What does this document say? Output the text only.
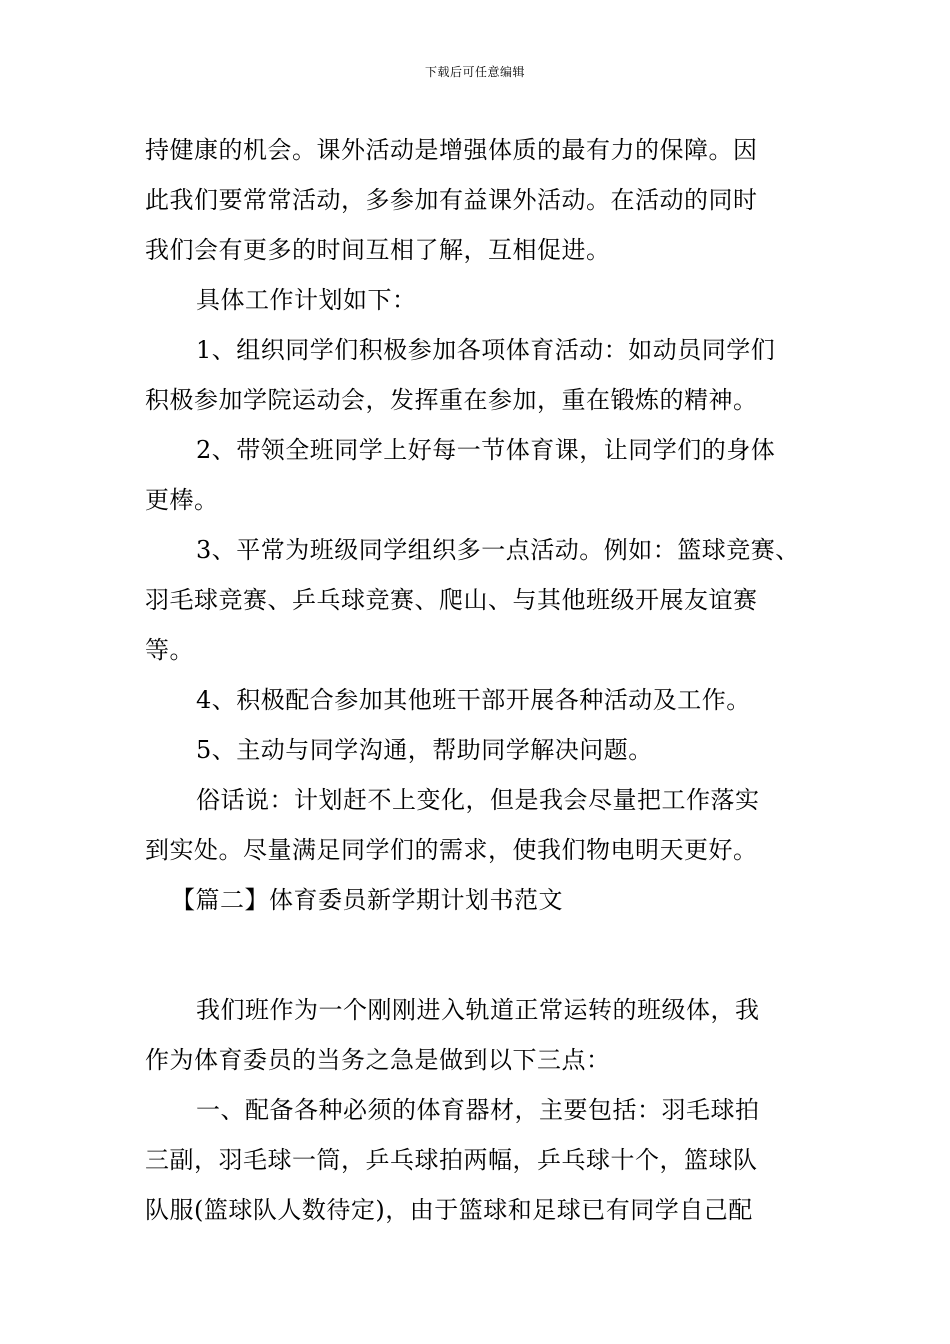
下载后可任意编辑
持健康的机会。课外活动是增强体质的最有力的保障。因
此我们要常常活动，多参加有益课外活动。在活动的同时
我们会有更多的时间互相了解，互相促进。
具体工作计划如下：
1、组织同学们积极参加各项体育活动：如动员同学们
积极参加学院运动会，发挥重在参加，重在锻炼的精神。
2、带领全班同学上好每一节体育课，让同学们的身体
更棒。
3、平常为班级同学组织多一点活动。例如：篮球竞赛、
羽毛球竞赛、乒乓球竞赛、爬山、与其他班级开展友谊赛
等。
4、积极配合参加其他班干部开展各种活动及工作。
5、主动与同学沟通，帮助同学解决问题。
俗话说：计划赶不上变化，但是我会尽量把工作落实
到实处。尽量满足同学们的需求，使我们物电明天更好。
【篇二】体育委员新学期计划书范文
我们班作为一个刚刚进入轨道正常运转的班级体，我
作为体育委员的当务之急是做到以下三点：
一、配备各种必须的体育器材，主要包括：羽毛球拍
三副，羽毛球一筒，乒乓球拍两幅，乒乓球十个，篮球队
队服(篮球队人数待定)，由于篮球和足球已有同学自己配
